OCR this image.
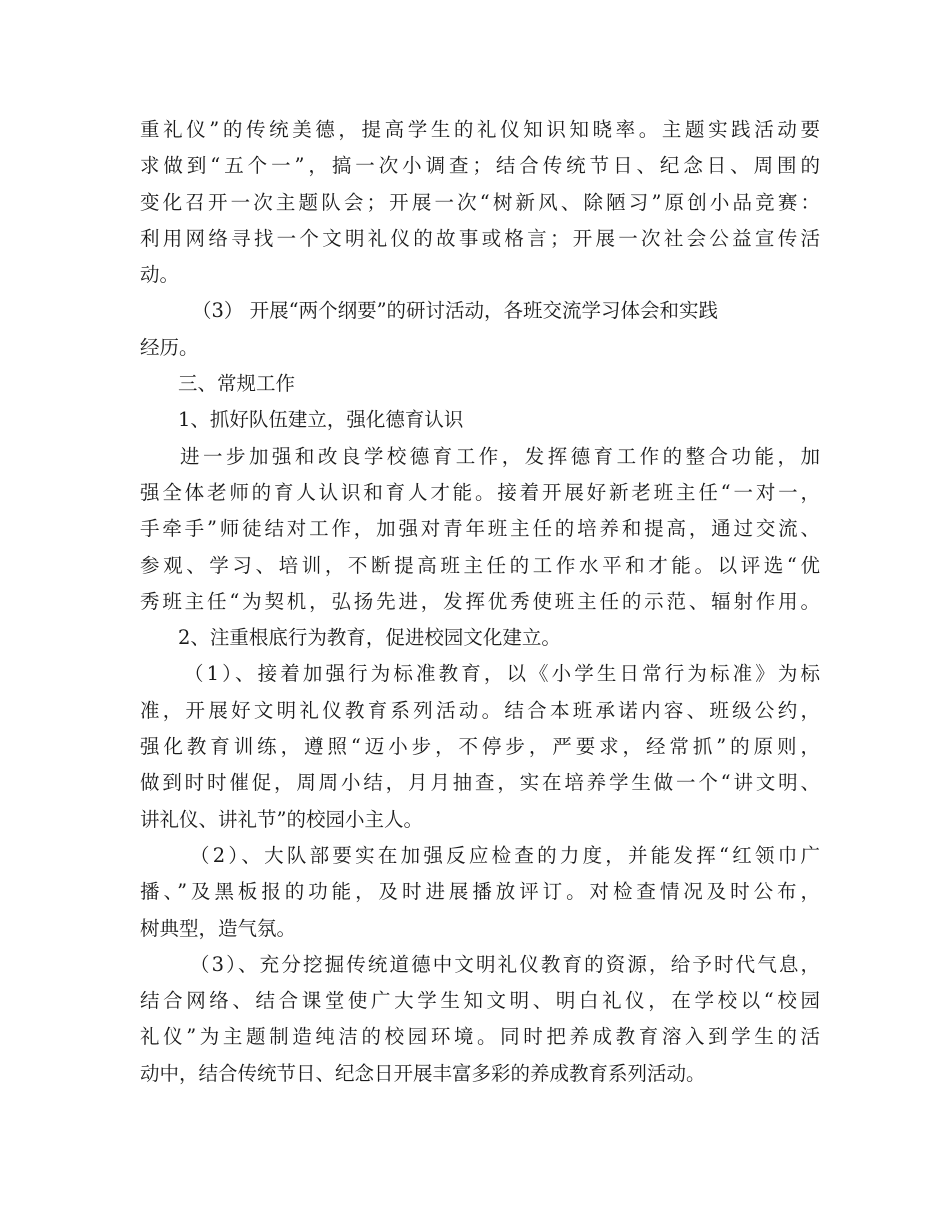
重礼仪”的传统美德，提高学生的礼仪知识知晓率。主题实践活动要
求做到“五个一”，搞一次小调查；结合传统节日、纪念日、周围的
变化召开一次主题队会；开展一次“树新风、除陋习”原创小品竞赛：
利用网络寻找一个文明礼仪的故事或格言；开展一次社会公益宣传活
动。
（3） 开展“两个纲要”的研讨活动，各班交流学习体会和实践
经历。
三、常规工作
1、抓好队伍建立，强化德育认识
进一步加强和改良学校德育工作，发挥德育工作的整合功能，加
强全体老师的育人认识和育人才能。接着开展好新老班主任“一对一，
手牵手”师徒结对工作，加强对青年班主任的培养和提高，通过交流、
参观、学习、培训，不断提高班主任的工作水平和才能。以评选“优
秀班主任“为契机，弘扬先进，发挥优秀使班主任的示范、辐射作用。
2、注重根底行为教育，促进校园文化建立。
（1）、接着加强行为标准教育，以《小学生日常行为标准》为标
准，开展好文明礼仪教育系列活动。结合本班承诺内容、班级公约，
强化教育训练，遵照“迈小步，不停步，严要求，经常抓”的原则，
做到时时催促，周周小结，月月抽查，实在培养学生做一个“讲文明、
讲礼仪、讲礼节”的校园小主人。
（2）、大队部要实在加强反应检查的力度，并能发挥“红领巾广
播、”及黑板报的功能，及时进展播放评订。对检查情况及时公布，
树典型，造气氛。
（3）、充分挖掘传统道德中文明礼仪教育的资源，给予时代气息，
结合网络、结合课堂使广大学生知文明、明白礼仪，在学校以“校园
礼仪”为主题制造纯洁的校园环境。同时把养成教育溶入到学生的活
动中，结合传统节日、纪念日开展丰富多彩的养成教育系列活动。
